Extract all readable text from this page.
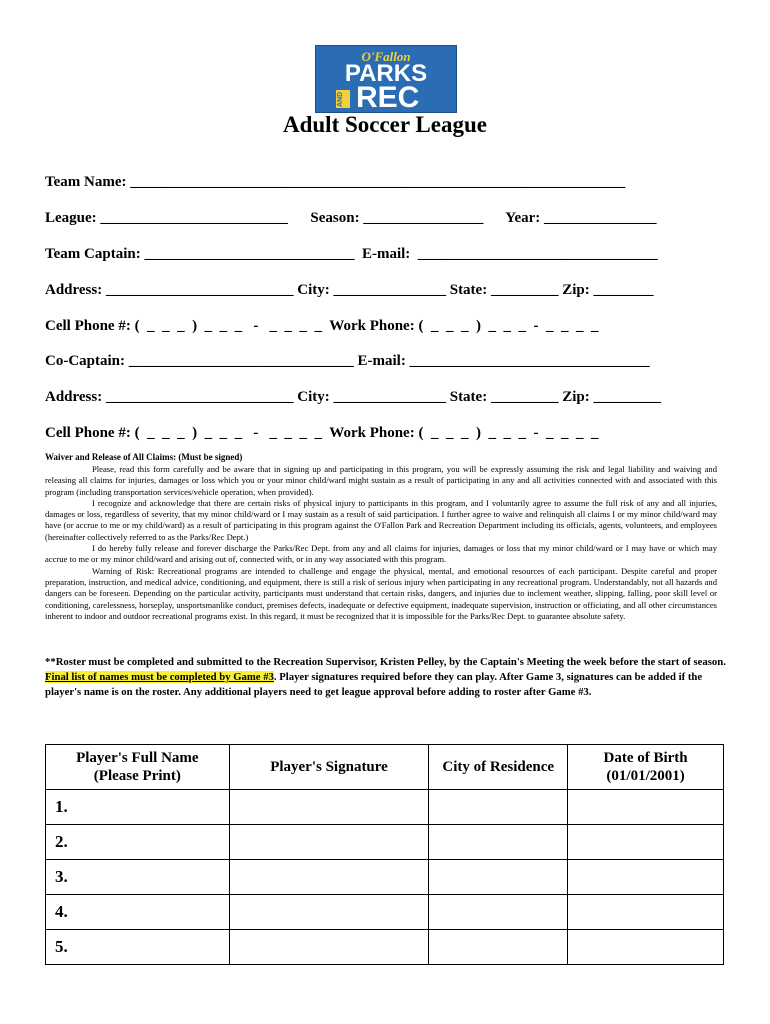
O'Fallon
PARKS
AND REC
Adult Soccer League
Team Name: __________________________________________________________________
League: _________________________      Season: ________________      Year: _______________
Team Captain: ____________________________  E-mail:  ________________________________
Address: _________________________ City: _______________ State: _________ Zip: ________
Cell Phone #: (  _  _  _  )  _  _  _   -   _  _  _  _  Work Phone: (  _  _  _  )  _  _  _  -  _  _  _  _
Co-Captain: ______________________________ E-mail: ________________________________
Address: _________________________ City: _______________ State: _________ Zip: _________
Cell Phone #: (  _  _  _  )  _  _  _   -   _  _  _  _  Work Phone: (  _  _  _  )  _  _  _  -  _  _  _  _
Waiver and Release of All Claims: (Must be signed)

Please, read this form carefully and be aware that in signing up and participating in this program, you will be expressly assuming the risk and legal liability and waiving and releasing all claims for injuries, damages or loss which you or your minor child/ward might sustain as a result of participating in any and all activities connected with and associated with this program (including transportation services/vehicle operation, when provided).

I recognize and acknowledge that there are certain risks of physical injury to participants in this program, and I voluntarily agree to assume the full risk of any and all injuries, damages or loss, regardless of severity, that my minor child/ward or I may sustain as a result of said participation. I further agree to waive and relinquish all claims I or my minor child/ward may have (or accrue to me or my child/ward) as a result of participating in this program against the O'Fallon Park and Recreation Department including its officials, agents, volunteers, and employees (hereinafter collectively referred to as the Parks/Rec Dept.)

I do hereby fully release and forever discharge the Parks/Rec Dept. from any and all claims for injuries, damages or loss that my minor child/ward or I may have or which may accrue to me or my minor child/ward and arising out of, connected with, or in any way associated with this program.

Warning of Risk: Recreational programs are intended to challenge and engage the physical, mental, and emotional resources of each participant. Despite careful and proper preparation, instruction, and medical advice, conditioning, and equipment, there is still a risk of serious injury when participating in any recreational program. Understandably, not all hazards and dangers can be foreseen. Depending on the particular activity, participants must understand that certain risks, dangers, and injuries due to inclement weather, slipping, falling, poor skill level or conditioning, carelessness, horseplay, unsportsmanlike conduct, premises defects, inadequate or defective equipment, inadequate supervision, instruction or officiating, and all other circumstances inherent to indoor and outdoor recreational programs exist. In this regard, it must be recognized that it is impossible for the Parks/Rec Dept. to guarantee absolute safety.

**Roster must be completed and submitted to the Recreation Supervisor, Kristen Pelley, by the Captain's Meeting the week before the start of season. Final list of names must be completed by Game #3. Player signatures required before they can play. After Game 3, signatures can be added if the player's name is on the roster. Any additional players need to get league approval before adding to roster after Game #3.
Player's Full Name
(Please Print)	Player's Signature	City of Residence	Date of Birth
(01/01/2001)
1.			
2.			
3.			
4.			
5.			
